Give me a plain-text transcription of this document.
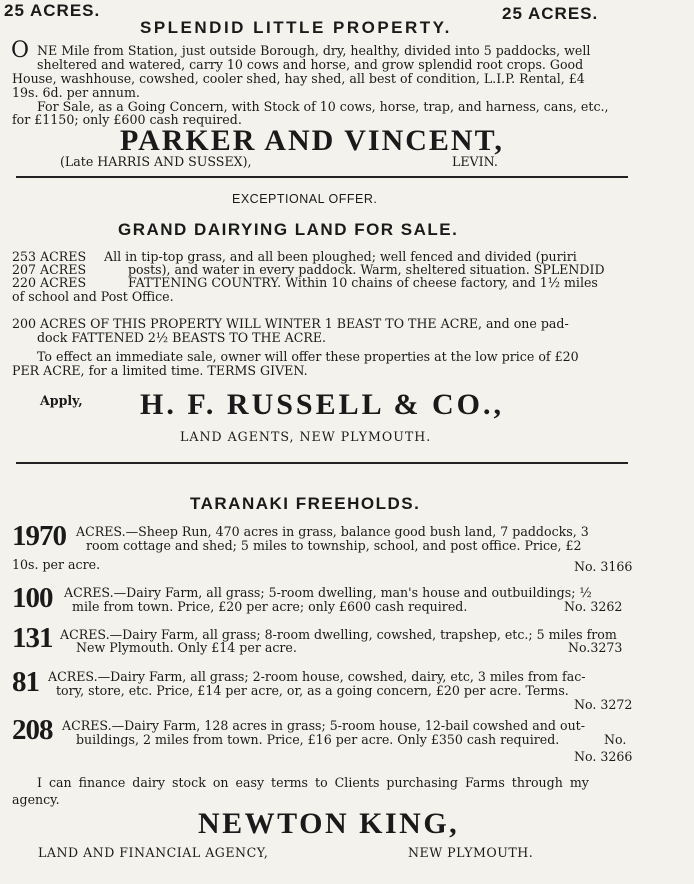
25 ACRES.	25 ACRES.
SPLENDID LITTLE PROPERTY.
O NE Mile from Station, just outside Borough, dry, healthy, divided into 5 paddocks, well
sheltered and watered, carry 10 cows and horse, and grow splendid root crops. Good
House, washhouse, cowshed, cooler shed, hay shed, all best of condition, L.I.P. Rental, £4
19s. 6d. per annum.
For Sale, as a Going Concern, with Stock of 10 cows, horse, trap, and harness, cans, etc.,
for £1150; only £600 cash required.
PARKER AND VINCENT,
(Late HARRIS AND SUSSEX),	LEVIN.
EXCEPTIONAL OFFER.
GRAND DAIRYING LAND FOR SALE.
253 ACRES
207 ACRES
220 ACRES
All in tip-top grass, and all been ploughed; well fenced and divided (puriri
posts), and water in every paddock. Warm, sheltered situation. SPLENDID
FATTENING COUNTRY. Within 10 chains of cheese factory, and 1½ miles
of school and Post Office.
200 ACRES OF THIS PROPERTY WILL WINTER 1 BEAST TO THE ACRE, and one pad-
dock FATTENED 2½ BEASTS TO THE ACRE.
To effect an immediate sale, owner will offer these properties at the low price of £20
PER ACRE, for a limited time. TERMS GIVEN.
Apply, H. F. RUSSELL & CO.,
LAND AGENTS, NEW PLYMOUTH.
TARANAKI FREEHOLDS.
1970 ACRES.—Sheep Run, 470 acres in grass, balance good bush land, 7 paddocks, 3
room cottage and shed; 5 miles to township, school, and post office. Price, £2
10s. per acre.	No. 3166
100 ACRES.—Dairy Farm, all grass; 5-room dwelling, man's house and outbuildings; ½
mile from town. Price, £20 per acre; only £600 cash required.	No. 3262
131 ACRES.—Dairy Farm, all grass; 8-room dwelling, cowshed, trapshep, etc.; 5 miles from
New Plymouth. Only £14 per acre.	No.3273
81 ACRES.—Dairy Farm, all grass; 2-room house, cowshed, dairy, etc, 3 miles from fac-
tory, store, etc. Price, £14 per acre, or, as a going concern, £20 per acre. Terms.
No. 3272
208 ACRES.—Dairy Farm, 128 acres in grass; 5-room house, 12-bail cowshed and out-
buildings, 2 miles from town. Price, £16 per acre. Only £350 cash required.	No.
No. 3266
I can finance dairy stock on easy terms to Clients purchasing Farms through my
agency.
NEWTON KING,
LAND AND FINANCIAL AGENCY,	NEW PLYMOUTH.
